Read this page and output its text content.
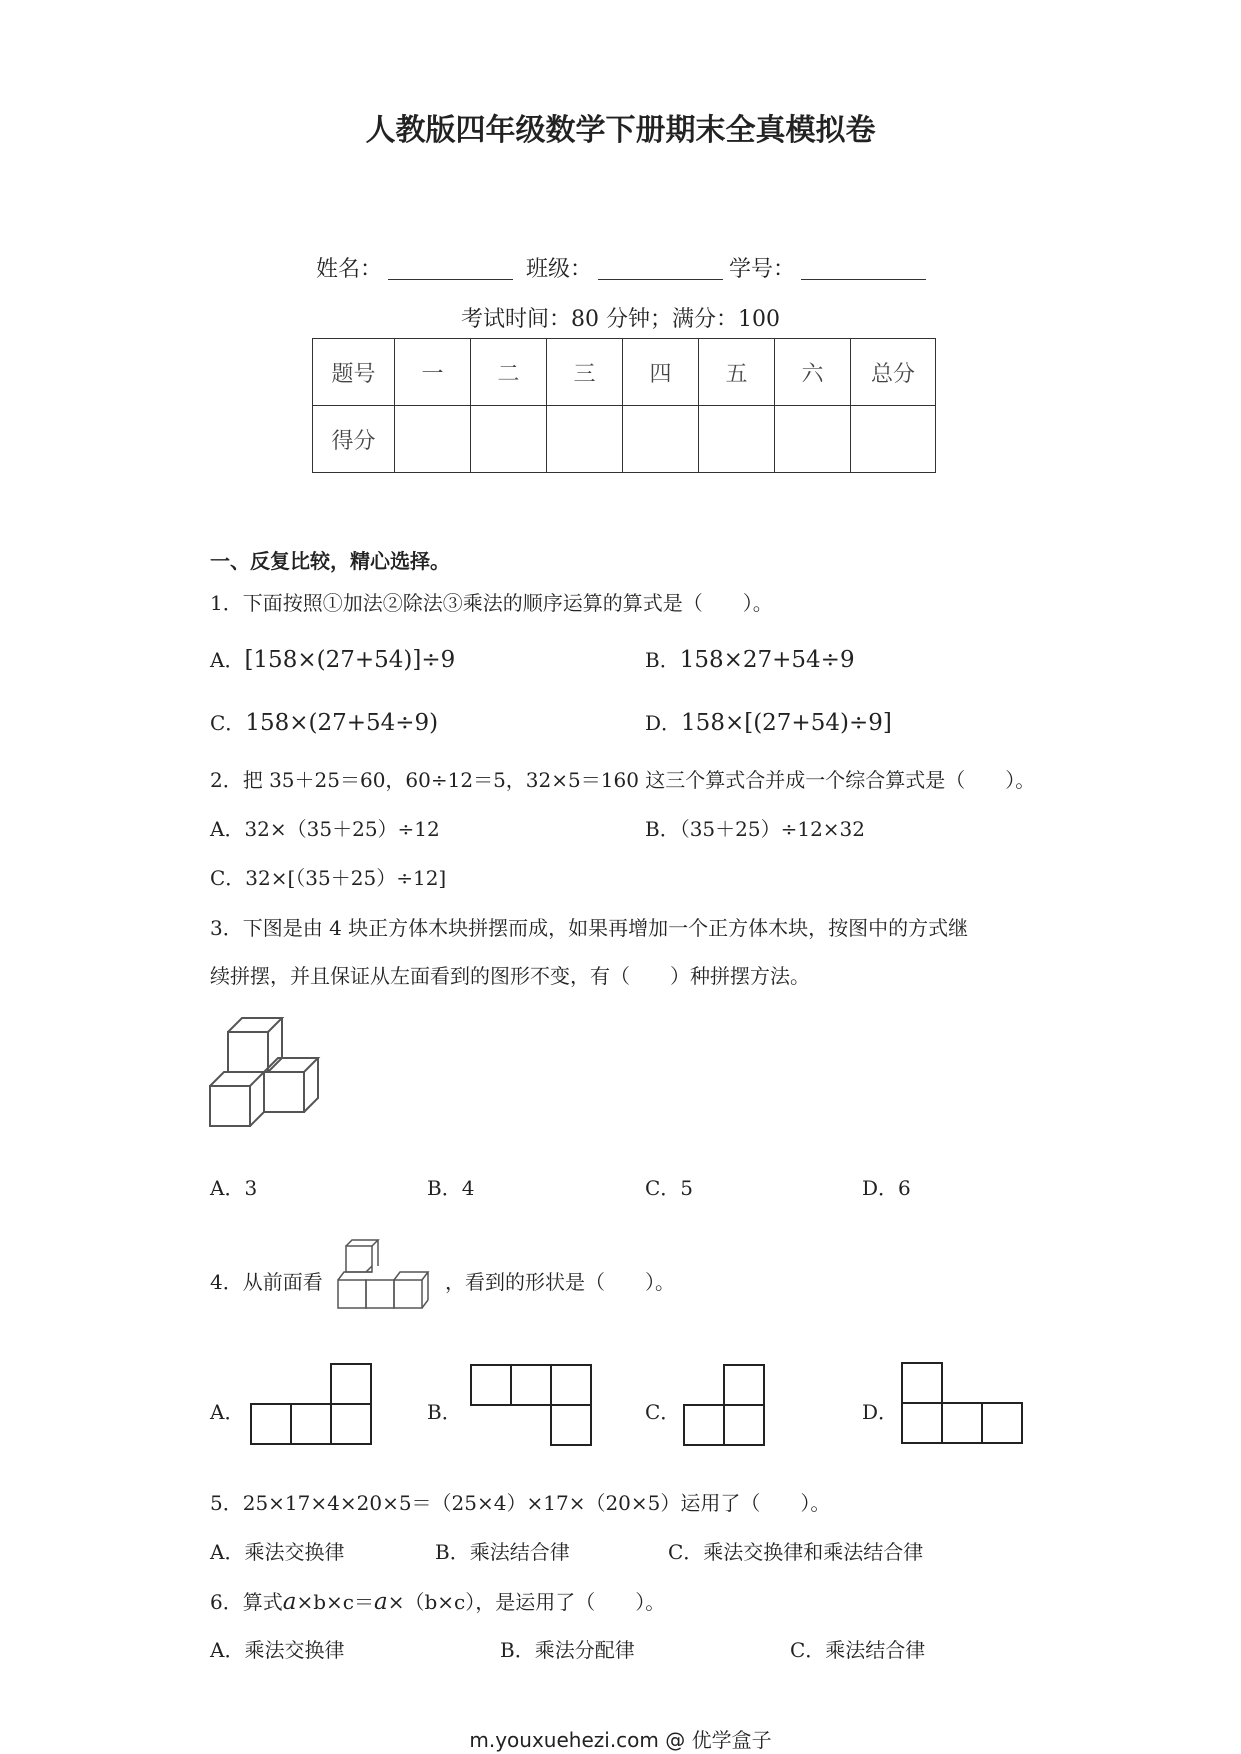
人教版四年级数学下册期末全真模拟卷
姓名：	班级：	学号：
考试时间：80 分钟；满分：100
题号	一	二	三	四	五	六	总分
得分							
一、反复比较，精心选择。
1．下面按照①加法②除法③乘法的顺序运算的算式是（　　）。
A．[158×(27+54)]÷9	B．158×27+54÷9
C．158×(27+54÷9)	D．158×[(27+54)÷9]
2．把 35＋25＝60，60÷12＝5，32×5＝160 这三个算式合并成一个综合算式是（　　）。
A．32×（35＋25）÷12	B．（35＋25）÷12×32
C．32×[（35＋25）÷12]
3．下图是由 4 块正方体木块拼摆而成，如果再增加一个正方体木块，按图中的方式继
续拼摆，并且保证从左面看到的图形不变，有（　　）种拼摆方法。
A．3	B．4	C．5	D．6
4．从前面看	，看到的形状是（　　）。
A．	B．	C．	D．
5．25×17×4×20×5＝（25×4）×17×（20×5）运用了（　　）。
A．乘法交换律	B．乘法结合律	C．乘法交换律和乘法结合律
6．算式a×b×c＝a×（b×c），是运用了（　　）。
A．乘法交换律	B．乘法分配律	C．乘法结合律
m.youxuehezi.com @ 优学盒子
